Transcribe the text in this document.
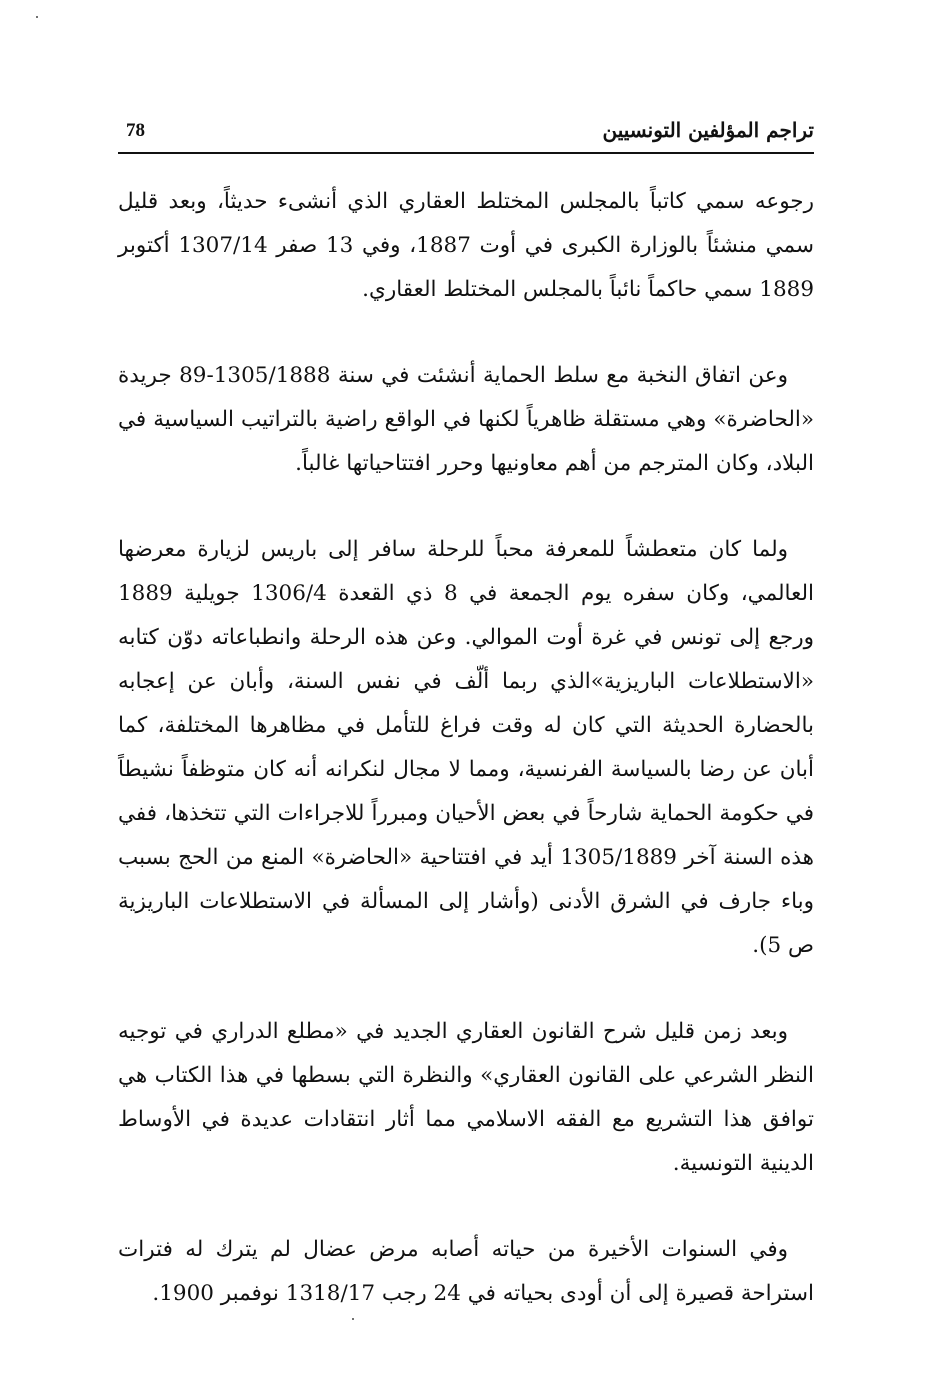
تراجم المؤلفين التونسيين
78

رجوعه سمي كاتباً بالمجلس المختلط العقاري الذي أنشىء حديثاً، وبعد قليل سمي منشئاً بالوزارة الكبرى في أوت 1887، وفي 13 صفر 1307/14 أكتوبر 1889 سمي حاكماً نائباً بالمجلس المختلط العقاري.

وعن اتفاق النخبة مع سلط الحماية أنشئت في سنة 1305/1888-89 جريدة «الحاضرة» وهي مستقلة ظاهرياً لكنها في الواقع راضية بالتراتيب السياسية في البلاد، وكان المترجم من أهم معاونيها وحرر افتتاحياتها غالباً.

ولما كان متعطشاً للمعرفة محباً للرحلة سافر إلى باريس لزيارة معرضها العالمي، وكان سفره يوم الجمعة في 8 ذي القعدة 1306/4 جويلية 1889 ورجع إلى تونس في غرة أوت الموالي. وعن هذه الرحلة وانطباعاته دوّن كتابه «الاستطلاعات الباريزية»الذي ربما ألّف في نفس السنة، وأبان عن إعجابه بالحضارة الحديثة التي كان له وقت فراغ للتأمل في مظاهرها المختلفة، كما أبان عن رضا بالسياسة الفرنسية، ومما لا مجال لنكرانه أنه كان متوظفاً نشيطاً في حكومة الحماية شارحاً في بعض الأحيان ومبرراً للاجراءات التي تتخذها، ففي هذه السنة آخر 1305/1889 أيد في افتتاحية «الحاضرة» المنع من الحج بسبب وباء جارف في الشرق الأدنى (وأشار إلى المسألة في الاستطلاعات الباريزية ص 5).

وبعد زمن قليل شرح القانون العقاري الجديد في «مطلع الدراري في توجيه النظر الشرعي على القانون العقاري» والنظرة التي بسطها في هذا الكتاب هي توافق هذا التشريع مع الفقه الاسلامي مما أثار انتقادات عديدة في الأوساط الدينية التونسية.

وفي السنوات الأخيرة من حياته أصابه مرض عضال لم يترك له فترات استراحة قصيرة إلى أن أودى بحياته في 24 رجب 1318/17 نوفمبر 1900.
